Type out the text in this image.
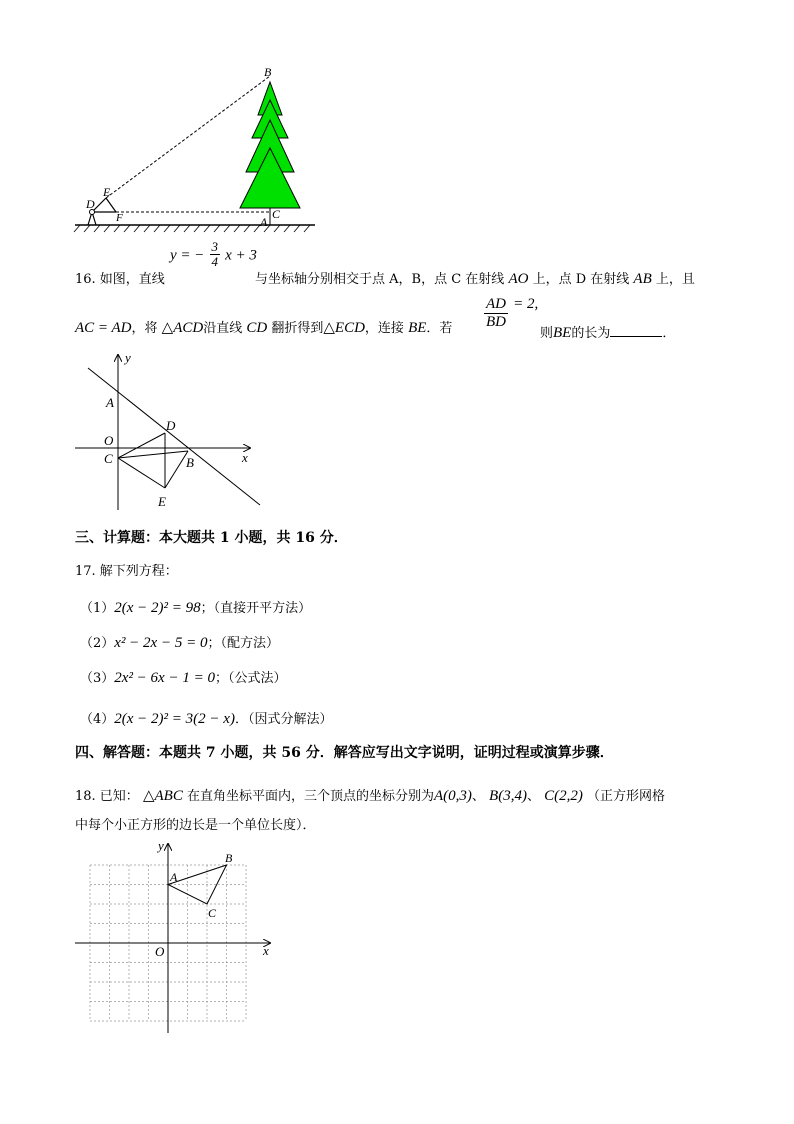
B
E
D
F	C
A
y = − $\frac{3}{4}$ x + 3
16. 如图，直线	与坐标轴分别相交于点 A，B，点 C 在射线 AO 上，点 D 在射线 AB 上，且
AC = AD，将 △ACD沿直线 CD 翻折得到△ECD，连接 BE．若 $\frac{AD}{BD} = 2$,
则BE的长为	．
y
A
O
C
D
B
E
x
三、计算题：本大题共 1 小题，共 16 分．
17. 解下列方程：
（1）2(x − 2)² = 98；（直接开平方法）
（2）x² − 2x − 5 = 0；（配方法）
（3）2x² − 6x − 1 = 0；（公式法）
（4）2(x − 2)² = 3(2 − x)．（因式分解法）
四、解答题：本题共 7 小题，共 56 分．解答应写出文字说明，证明过程或演算步骤．
18. 已知： △ABC 在直角坐标平面内，三个顶点的坐标分别为A(0,3)、 B(3,4)、 C(2,2) （正方形网格
中每个小正方形的边长是一个单位长度）．
y
A
B
C
O	x
